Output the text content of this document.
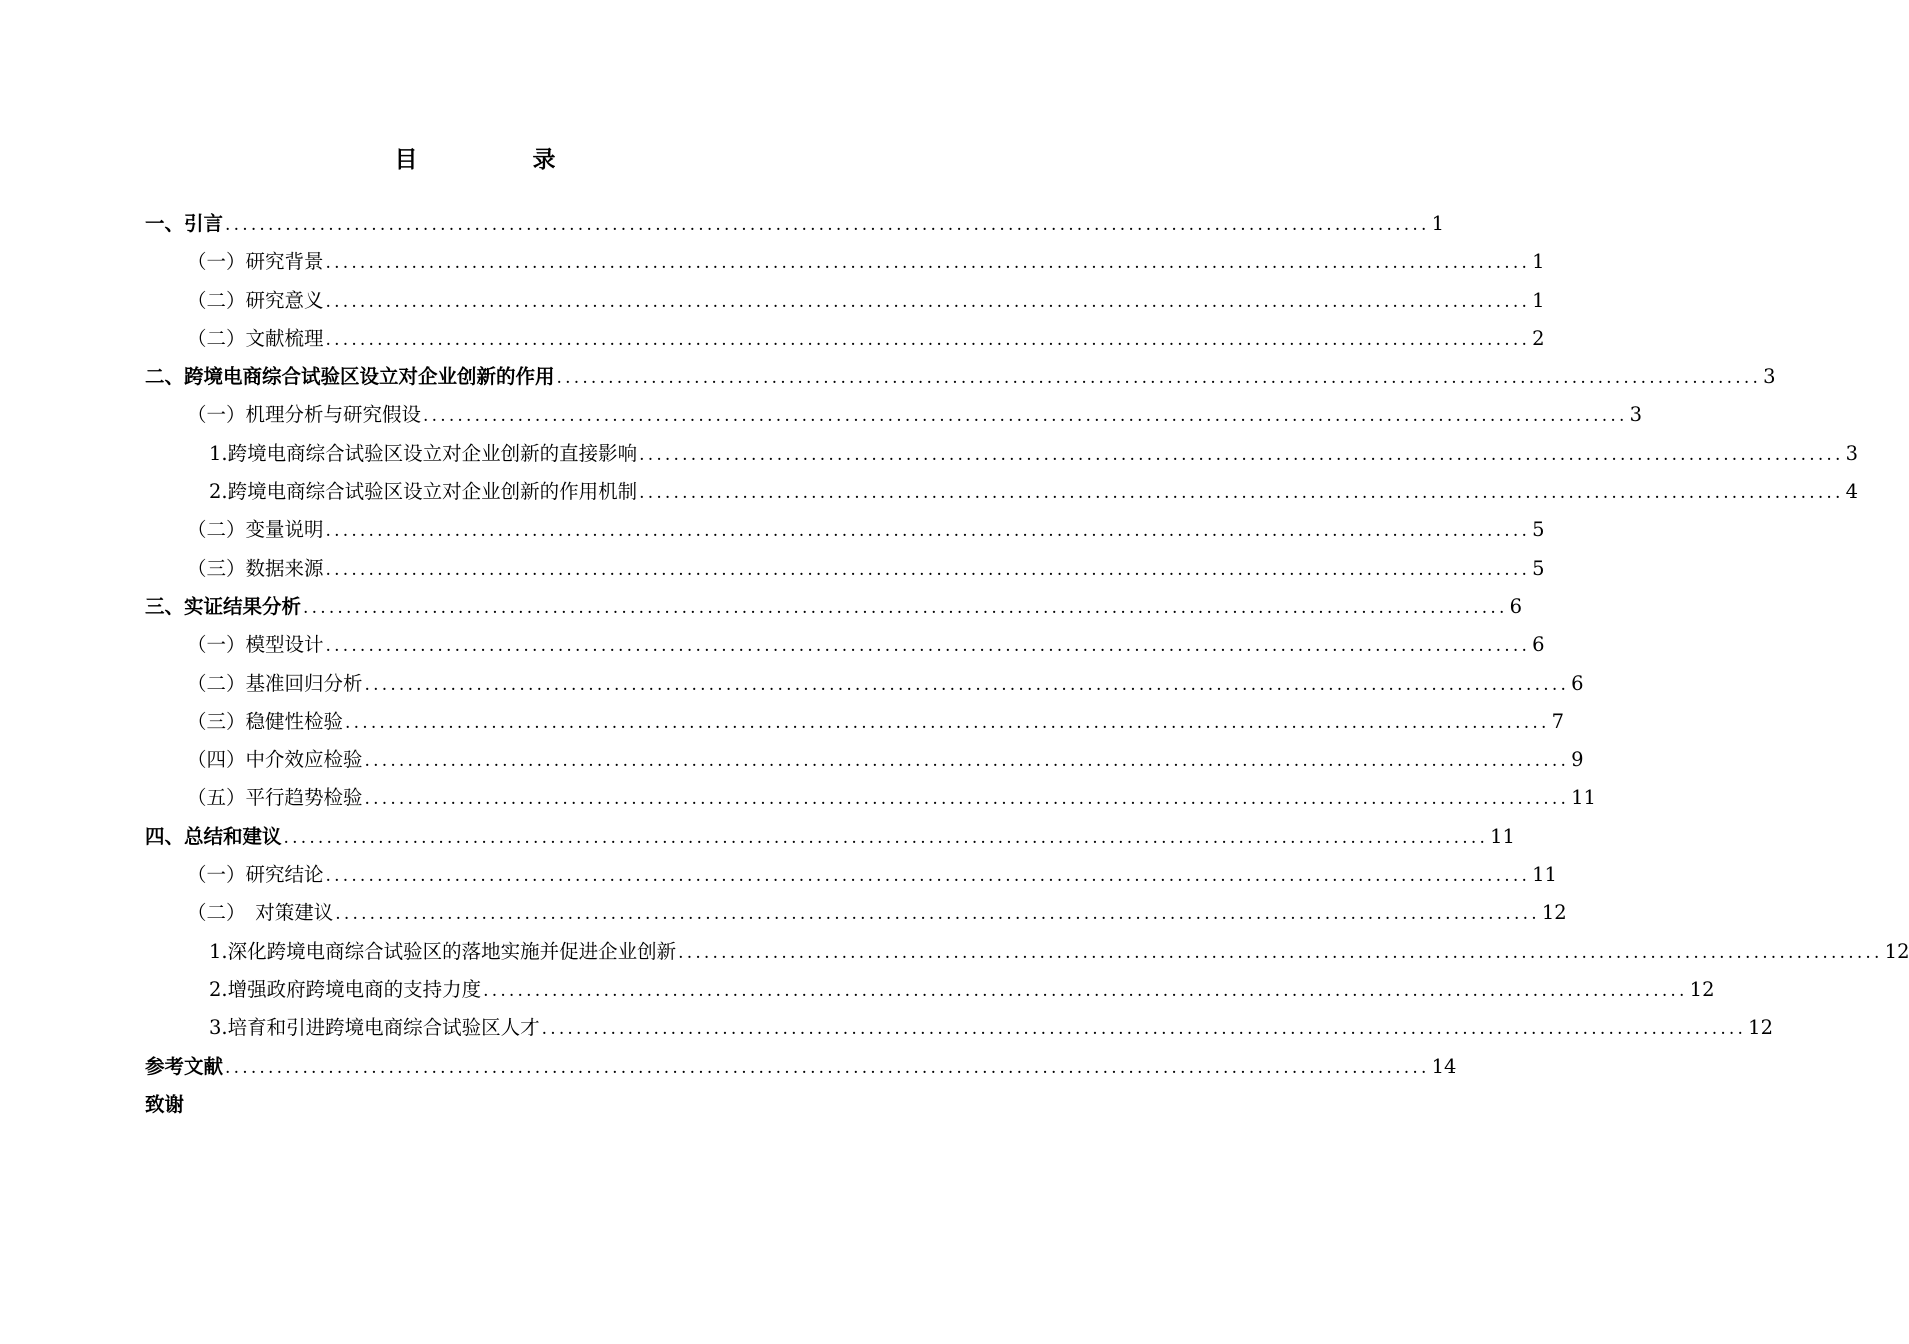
目　录
一、引言 ............................................................................................................................................ 1
（一）研究背景 ............................................................................................................................................ 1
（二）研究意义 ............................................................................................................................................ 1
（二）文献梳理 ............................................................................................................................................ 2
二、跨境电商综合试验区设立对企业创新的作用 ............................................................................................................................................ 3
（一）机理分析与研究假设 ............................................................................................................................................ 3
1.跨境电商综合试验区设立对企业创新的直接影响 ............................................................................................................................................ 3
2.跨境电商综合试验区设立对企业创新的作用机制 ............................................................................................................................................ 4
（二）变量说明 ............................................................................................................................................ 5
（三）数据来源 ............................................................................................................................................ 5
三、实证结果分析 ............................................................................................................................................ 6
（一）模型设计 ............................................................................................................................................ 6
（二）基准回归分析 ............................................................................................................................................ 6
（三）稳健性检验 ............................................................................................................................................ 7
（四）中介效应检验 ............................................................................................................................................ 9
（五）平行趋势检验 ............................................................................................................................................ 11
四、总结和建议 ............................................................................................................................................ 11
（一）研究结论 ............................................................................................................................................ 11
（二）　对策建议 ............................................................................................................................................ 12
1.深化跨境电商综合试验区的落地实施并促进企业创新 ............................................................................................................................................ 12
2.增强政府跨境电商的支持力度 ............................................................................................................................................ 12
3.培育和引进跨境电商综合试验区人才 ............................................................................................................................................ 12
参考文献 ............................................................................................................................................ 14
致谢
